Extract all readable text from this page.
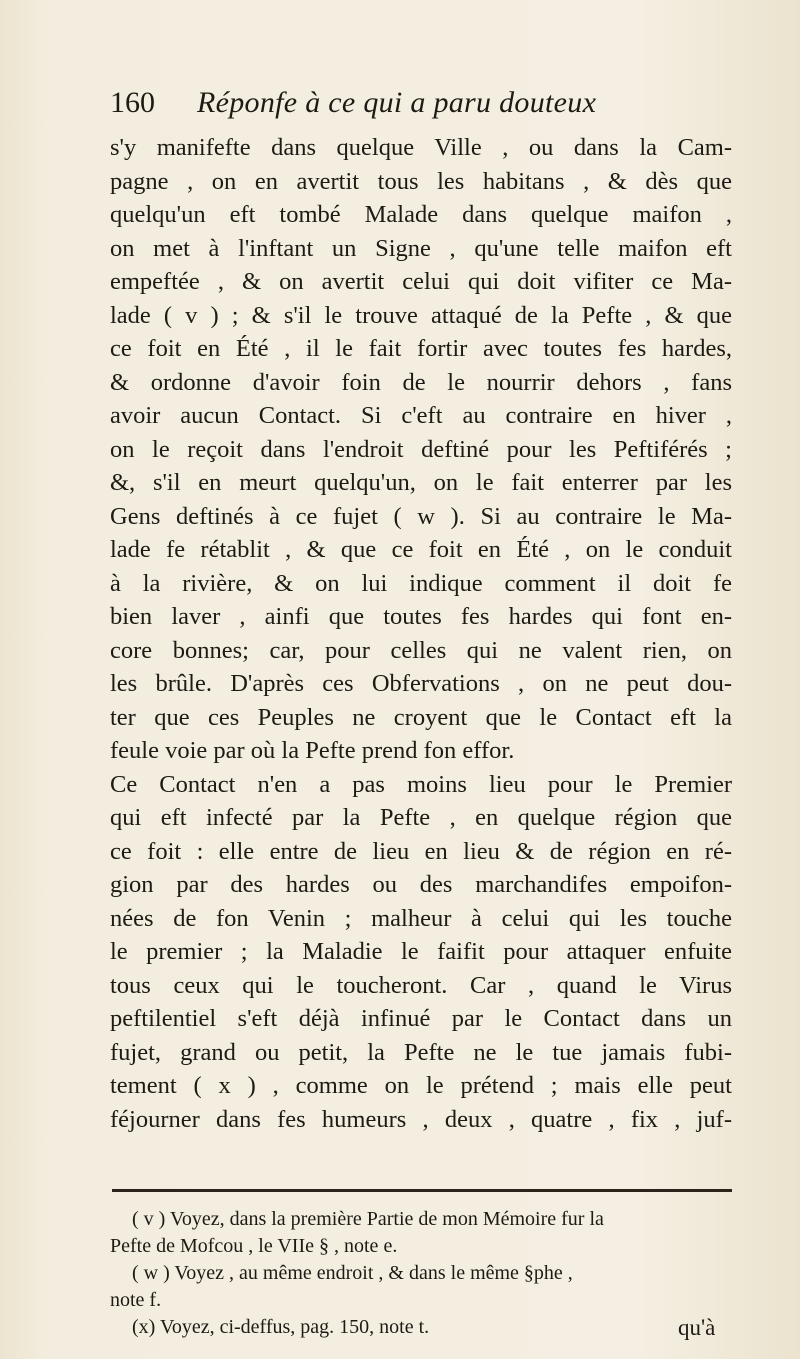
160 Réponfe à ce qui a paru douteux
s'y manifefte dans quelque Ville , ou dans la Cam-
pagne , on en avertit tous les habitans , & dès que
quelqu'un eft tombé Malade dans quelque maifon ,
on met à l'inftant un Signe , qu'une telle maifon eft
empeftée , & on avertit celui qui doit vifiter ce Ma-
lade ( v ) ; & s'il le trouve attaqué de la Pefte , & que
ce foit en Été , il le fait fortir avec toutes fes hardes,
& ordonne d'avoir foin de le nourrir dehors , fans
avoir aucun Contact. Si c'eft au contraire en hiver ,
on le reçoit dans l'endroit deftiné pour les Peftiférés ;
&, s'il en meurt quelqu'un, on le fait enterrer par les
Gens deftinés à ce fujet ( w ). Si au contraire le Ma-
lade fe rétablit , & que ce foit en Été , on le conduit
à la rivière, & on lui indique comment il doit fe
bien laver , ainfi que toutes fes hardes qui font en-
core bonnes; car, pour celles qui ne valent rien, on
les brûle. D'après ces Obfervations , on ne peut dou-
ter que ces Peuples ne croyent que le Contact eft la
feule voie par où la Pefte prend fon effor.
Ce Contact n'en a pas moins lieu pour le Premier
qui eft infecté par la Pefte , en quelque région que
ce foit : elle entre de lieu en lieu & de région en ré-
gion par des hardes ou des marchandifes empoifon-
nées de fon Venin ; malheur à celui qui les touche
le premier ; la Maladie le faifit pour attaquer enfuite
tous ceux qui le toucheront. Car , quand le Virus
peftilentiel s'eft déjà infinué par le Contact dans un
fujet, grand ou petit, la Pefte ne le tue jamais fubi-
tement ( x ) , comme on le prétend ; mais elle peut
féjourner dans fes humeurs , deux , quatre , fix , juf-
( v ) Voyez, dans la première Partie de mon Mémoire fur la
Pefte de Mofcou , le VIIe § , note e.
( w ) Voyez , au même endroit , & dans le même §phe ,
note f.
(x) Voyez, ci-deffus, pag. 150, note t.	qu'à
